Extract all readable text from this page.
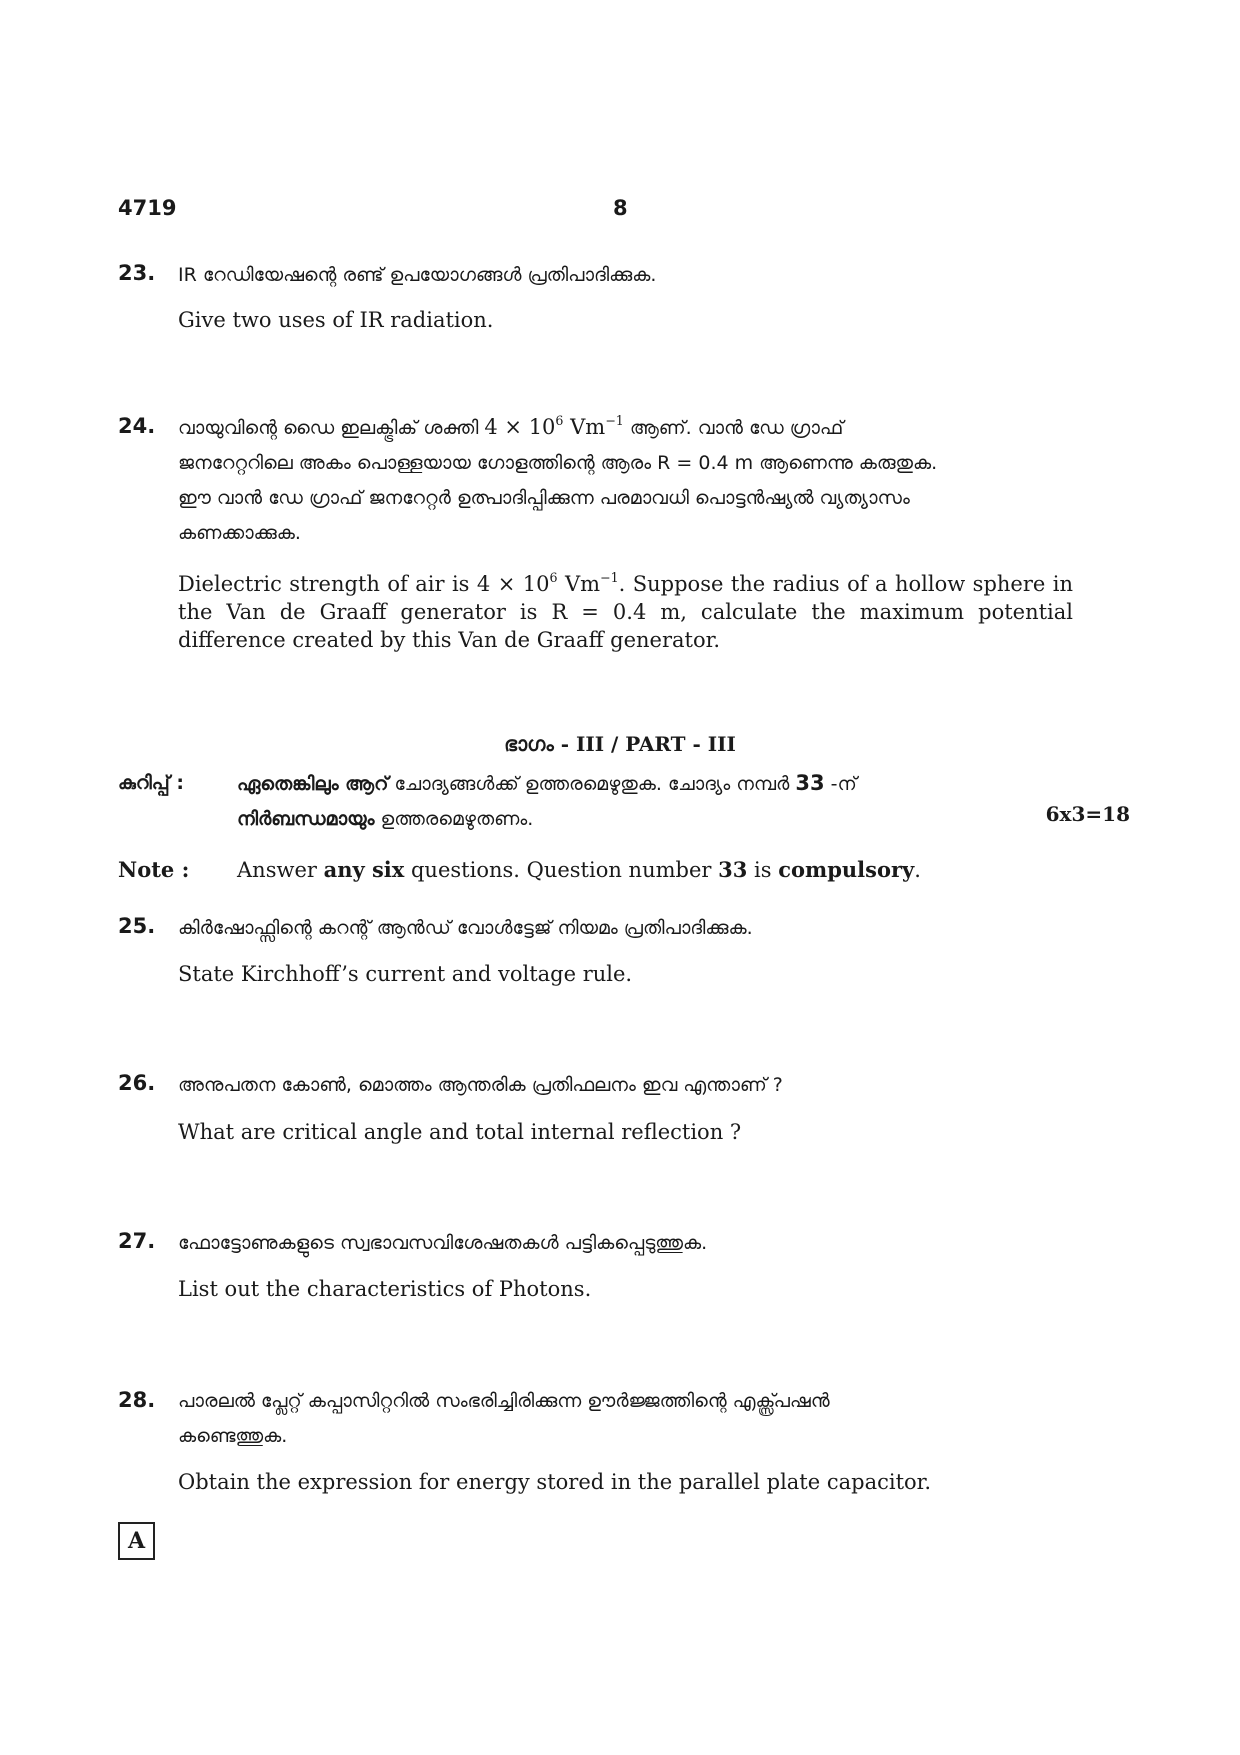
4719	8
23. IR റേഡിയേഷന്റെ രണ്ട് ഉപയോഗങ്ങൾ പ്രതിപാദിക്കുക.
Give two uses of IR radiation.
24. വായുവിന്റെ ഡൈ ഇലക്ട്രിക് ശക്തി $4 \times 10^6$ $Vm^{-1}$ ആണ്. വാൻ ഡേ ഗ്രാഫ്
ജനറേറ്ററിലെ അകം പൊള്ളയായ ഗോളത്തിന്റെ ആരം R = 0.4 m ആണെന്നു കരുതുക.
ഈ വാൻ ഡേ ഗ്രാഫ് ജനറേറ്റർ ഉത്പാദിപ്പിക്കുന്ന പരമാവധി പൊട്ടൻഷ്യൽ വ്യത്യാസം
കണക്കാക്കുക.
Dielectric strength of air is $4 \times 10^6$ $Vm^{-1}$. Suppose the radius of a hollow sphere in the Van de Graaff generator is R = 0.4 m, calculate the maximum potential difference created by this Van de Graaff generator.
ഭാഗം - III / PART - III
കുറിപ്പ് :	ഏതെങ്കിലും ആറ് ചോദ്യങ്ങൾക്ക് ഉത്തരമെഴുതുക. ചോദ്യം നമ്പർ 33 -ന്
നിർബന്ധമായും ഉത്തരമെഴുതണം.	6x3=18
Note :	Answer any six questions. Question number 33 is compulsory.
25. കിർഷോഫ്സിന്റെ കറന്റ് ആൻഡ് വോൾട്ടേജ് നിയമം പ്രതിപാദിക്കുക.
State Kirchhoff’s current and voltage rule.
26. അനുപതന കോൺ, മൊത്തം ആന്തരിക പ്രതിഫലനം ഇവ എന്താണ് ?
What are critical angle and total internal reflection ?
27. ഫോട്ടോണുകളുടെ സ്വഭാവസവിശേഷതകൾ പട്ടികപ്പെടുത്തുക.
List out the characteristics of Photons.
28. പാരലൽ പ്ലേറ്റ് കപ്പാസിറ്ററിൽ സംഭരിച്ചിരിക്കുന്ന ഊർജ്ജത്തിന്റെ എക്സ്പ്രഷൻ
കണ്ടെത്തുക.
Obtain the expression for energy stored in the parallel plate capacitor.
A
